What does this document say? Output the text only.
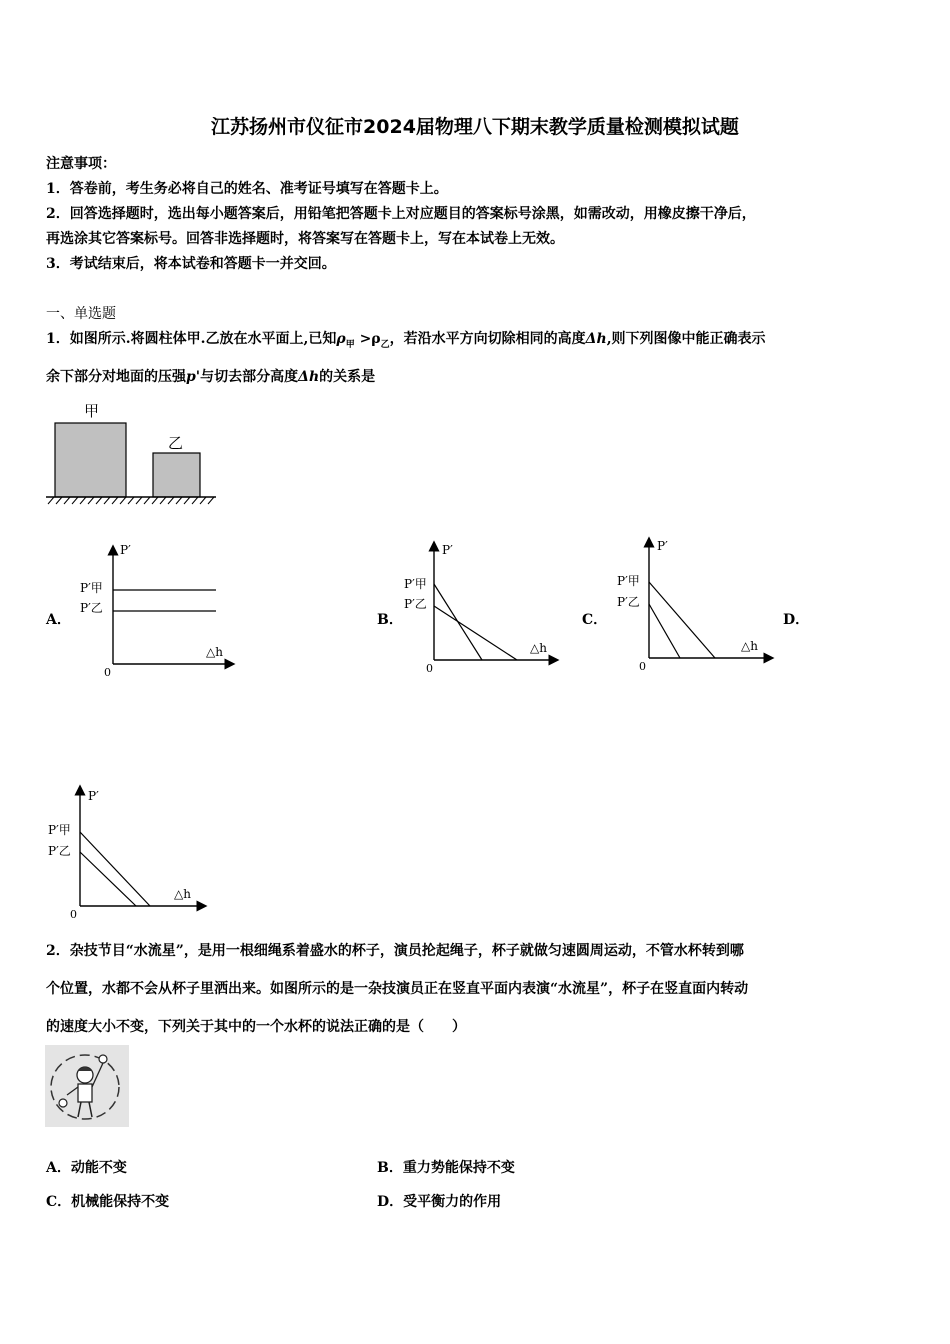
江苏扬州市仪征市2024届物理八下期末教学质量检测模拟试题
注意事项：
1．答卷前，考生务必将自己的姓名、准考证号填写在答题卡上。
2．回答选择题时，选出每小题答案后，用铅笔把答题卡上对应题目的答案标号涂黑，如需改动，用橡皮擦干净后，
再选涂其它答案标号。回答非选择题时，将答案写在答题卡上，写在本试卷上无效。
3．考试结束后，将本试卷和答题卡一并交回。
一、单选题
1．如图所示.将圆柱体甲.乙放在水平面上,已知$\rho_甲 >\rho_乙$，若沿水平方向切除相同的高度Δh,则下列图像中能正确表示
余下部分对地面的压强p'与切去部分高度Δh的关系是
甲
乙
A．	B．	C．	D．
P′
△h
0
P′甲
P′乙
P′
△h
0
P′甲
P′乙
P′
△h
0
P′甲
P′乙
P′
△h
0
P′甲
P′乙
2．杂技节目“水流星”，是用一根细绳系着盛水的杯子，演员抡起绳子，杯子就做匀速圆周运动，不管水杯转到哪
个位置，水都不会从杯子里洒出来。如图所示的是一杂技演员正在竖直平面内表演“水流星”，杯子在竖直面内转动
的速度大小不变，下列关于其中的一个水杯的说法正确的是（　　）
A．动能不变	B．重力势能保持不变
C．机械能保持不变	D．受平衡力的作用
